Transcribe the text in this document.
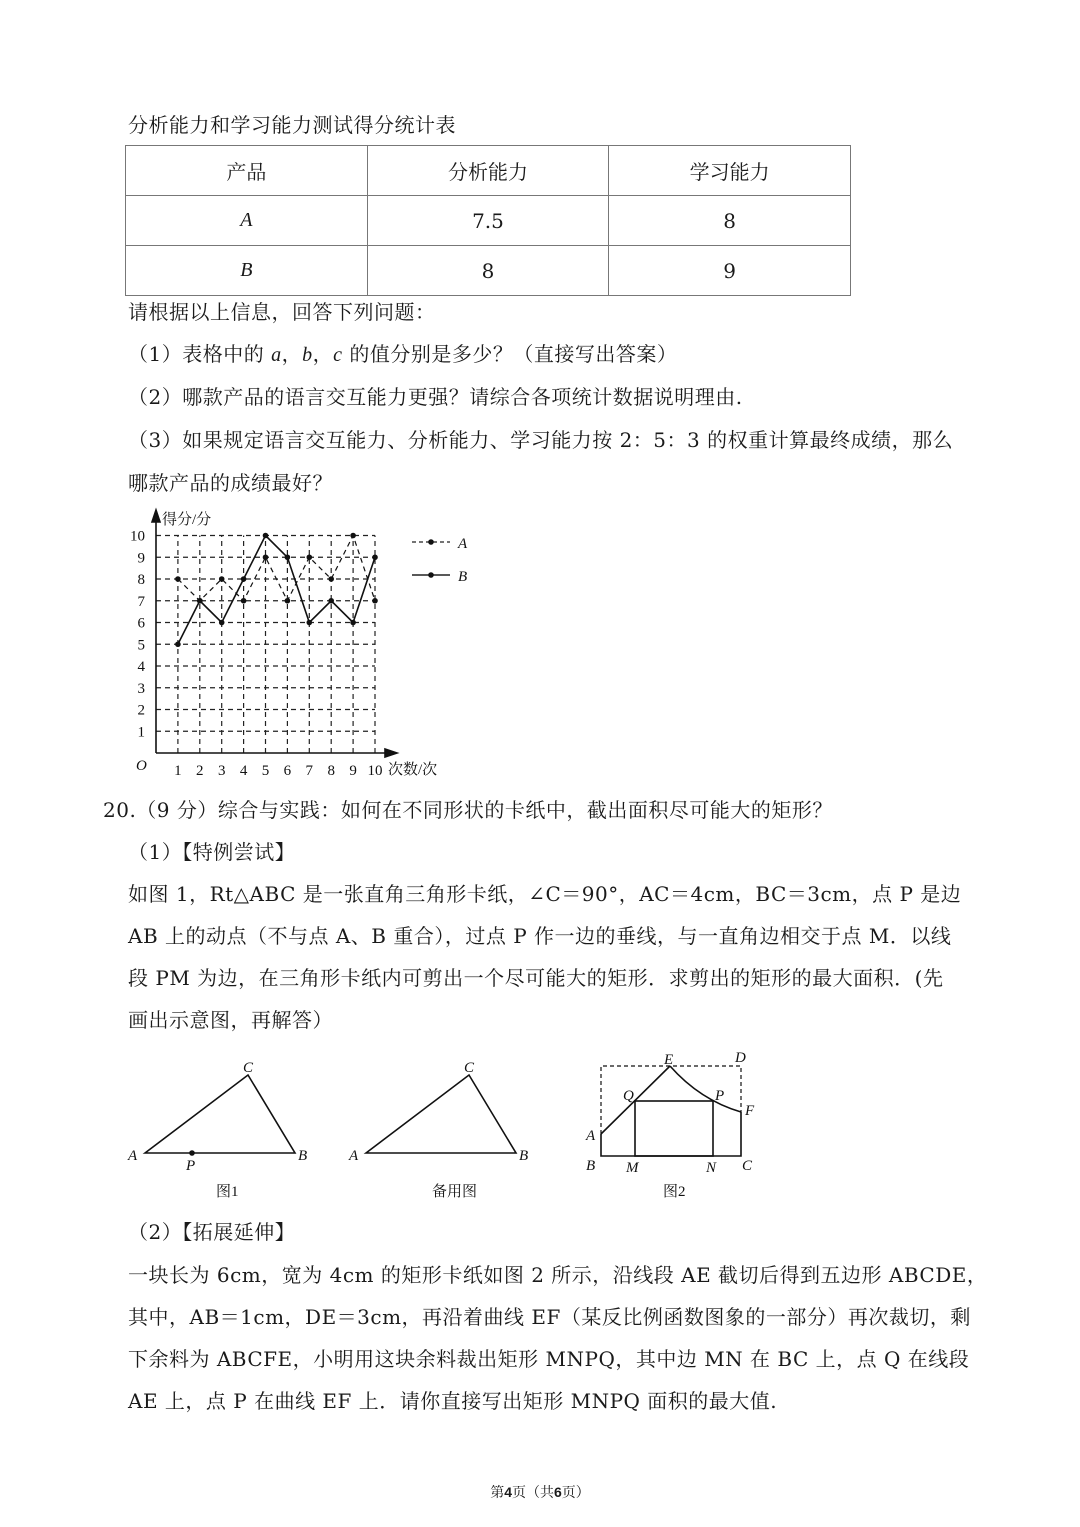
分析能力和学习能力测试得分统计表
产品	分析能力	学习能力
A	7.5	8
B	8	9
请根据以上信息，回答下列问题：
（1）表格中的 a，b，c 的值分别是多少？（直接写出答案）
（2）哪款产品的语言交互能力更强？请综合各项统计数据说明理由.
（3）如果规定语言交互能力、分析能力、学习能力按 2：5：3 的权重计算最终成绩，那么
哪款产品的成绩最好？
1
2
3
4
5
6
7
8
9
10
1 2 3 4 5 6 7 8 9 10
得分/分
次数/次
O
A
B
20.（9 分）综合与实践：如何在不同形状的卡纸中，截出面积尽可能大的矩形？
（1）【特例尝试】
如图 1，Rt△ABC 是一张直角三角形卡纸，∠C＝90°，AC＝4cm，BC＝3cm，点 P 是边
AB 上的动点（不与点 A、B 重合），过点 P 作一边的垂线，与一直角边相交于点 M．以线
段 PM 为边，在三角形卡纸内可剪出一个尽可能大的矩形．求剪出的矩形的最大面积．(先
画出示意图，再解答）
A	B
C
P
图1
A	B
C
备用图
A
B	C
D
E
F
M	N
P
Q
图2
（2）【拓展延伸】
一块长为 6cm，宽为 4cm 的矩形卡纸如图 2 所示，沿线段 AE 截切后得到五边形 ABCDE，
其中，AB＝1cm，DE＝3cm，再沿着曲线 EF（某反比例函数图象的一部分）再次裁切，剩
下余料为 ABCFE，小明用这块余料裁出矩形 MNPQ，其中边 MN 在 BC 上，点 Q 在线段
AE 上，点 P 在曲线 EF 上．请你直接写出矩形 MNPQ 面积的最大值.
第4页（共6页）
